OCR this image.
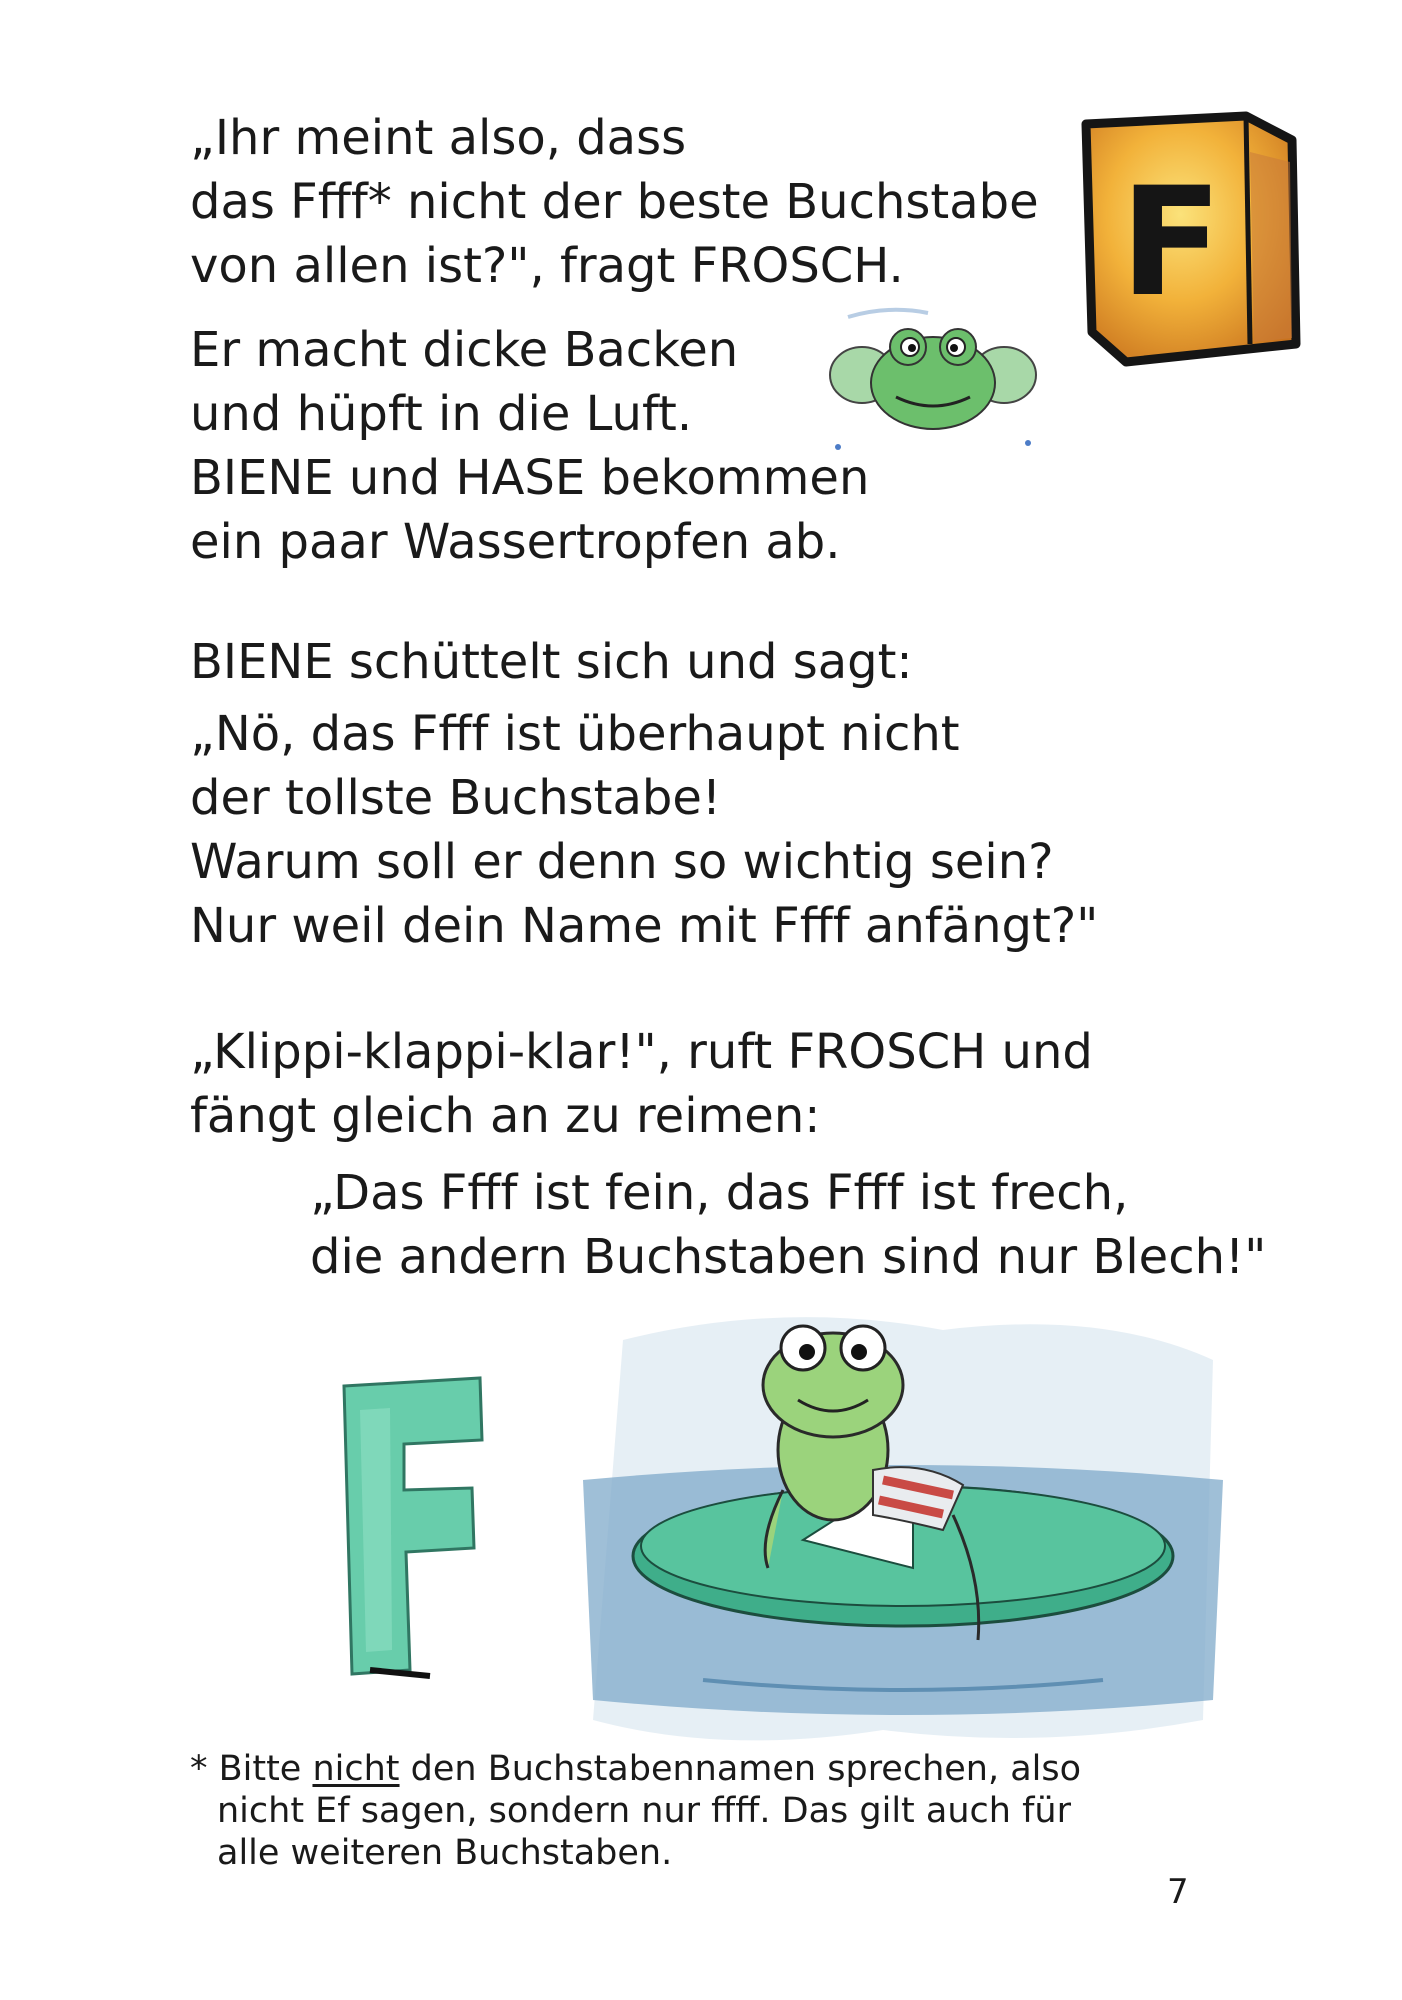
„Ihr meint also, dass
das Ffff* nicht der beste Buchstabe
von allen ist?", fragt FROSCH.
Er macht dicke Backen
und hüpft in die Luft.
BIENE und HASE bekommen
ein paar Wassertropfen ab.
BIENE schüttelt sich und sagt:
„Nö, das Ffff ist überhaupt nicht
der tollste Buchstabe!
Warum soll er denn so wichtig sein?
Nur weil dein Name mit Ffff anfängt?"
„Klippi-klappi-klar!", ruft FROSCH und
fängt gleich an zu reimen:
„Das Ffff ist fein, das Ffff ist frech,
die andern Buchstaben sind nur Blech!"
F
F
* Bitte nicht den Buchstabennamen sprechen, also
nicht Ef sagen, sondern nur ffff. Das gilt auch für
alle weiteren Buchstaben.
7
